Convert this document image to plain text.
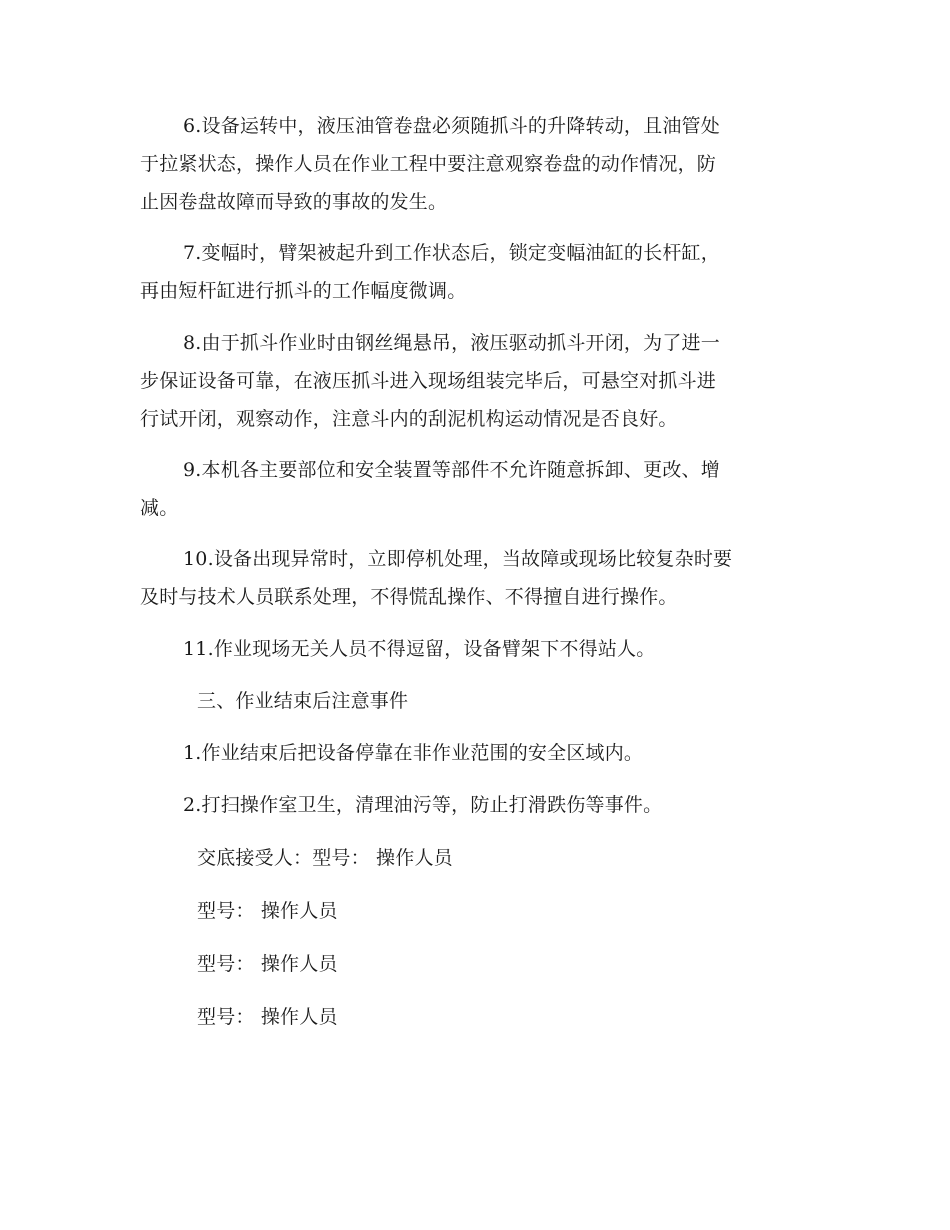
6.设备运转中，液压油管卷盘必须随抓斗的升降转动，且油管处
于拉紧状态，操作人员在作业工程中要注意观察卷盘的动作情况，防
止因卷盘故障而导致的事故的发生。
7.变幅时，臂架被起升到工作状态后，锁定变幅油缸的长杆缸，
再由短杆缸进行抓斗的工作幅度微调。
8.由于抓斗作业时由钢丝绳悬吊，液压驱动抓斗开闭，为了进一
步保证设备可靠，在液压抓斗进入现场组装完毕后，可悬空对抓斗进
行试开闭，观察动作，注意斗内的刮泥机构运动情况是否良好。
9.本机各主要部位和安全装置等部件不允许随意拆卸、更改、增
减。
10.设备出现异常时，立即停机处理，当故障或现场比较复杂时要
及时与技术人员联系处理，不得慌乱操作、不得擅自进行操作。
11.作业现场无关人员不得逗留，设备臂架下不得站人。
三、作业结束后注意事件
1.作业结束后把设备停靠在非作业范围的安全区域内。
2.打扫操作室卫生，清理油污等，防止打滑跌伤等事件。
交底接受人：型号： 操作人员
型号： 操作人员
型号： 操作人员
型号： 操作人员
